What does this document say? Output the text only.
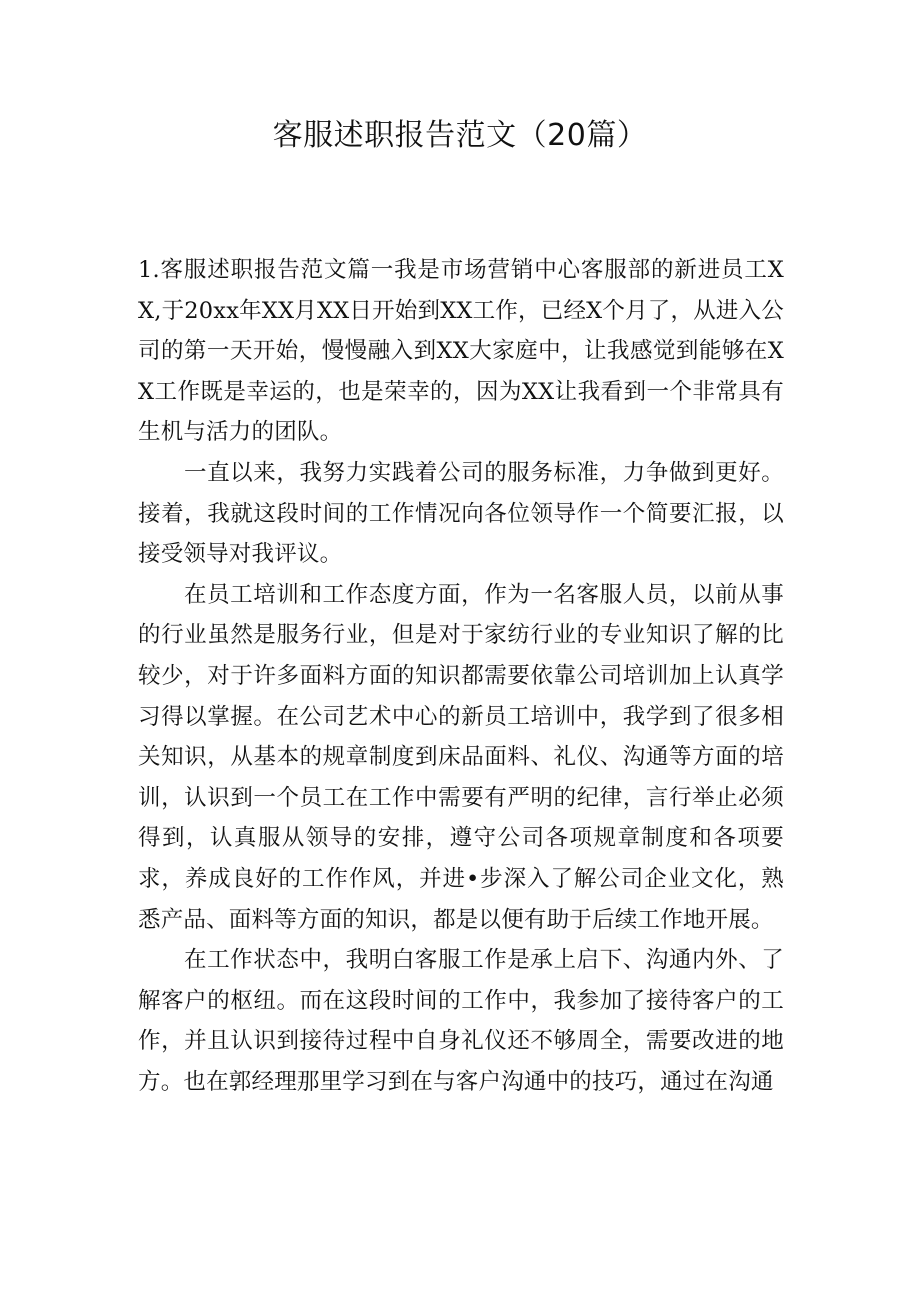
客服述职报告范文（20篇）

1.客服述职报告范文篇一我是市场营销中心客服部的新进员工XX,于20xx年XX月XX日开始到XX工作，已经X个月了，从进入公司的第一天开始，慢慢融入到XX大家庭中，让我感觉到能够在XX工作既是幸运的，也是荣幸的，因为XX让我看到一个非常具有生机与活力的团队。

一直以来，我努力实践着公司的服务标准，力争做到更好。接着，我就这段时间的工作情况向各位领导作一个简要汇报，以接受领导对我评议。

在员工培训和工作态度方面，作为一名客服人员，以前从事的行业虽然是服务行业，但是对于家纺行业的专业知识了解的比较少，对于许多面料方面的知识都需要依靠公司培训加上认真学习得以掌握。在公司艺术中心的新员工培训中，我学到了很多相关知识，从基本的规章制度到床品面料、礼仪、沟通等方面的培训，认识到一个员工在工作中需要有严明的纪律，言行举止必须得到，认真服从领导的安排，遵守公司各项规章制度和各项要求，养成良好的工作作风，并进•步深入了解公司企业文化，熟悉产品、面料等方面的知识，都是以便有助于后续工作地开展。

在工作状态中，我明白客服工作是承上启下、沟通内外、了解客户的枢纽。而在这段时间的工作中，我参加了接待客户的工作，并且认识到接待过程中自身礼仪还不够周全，需要改进的地方。也在郭经理那里学习到在与客户沟通中的技巧，通过在沟通
